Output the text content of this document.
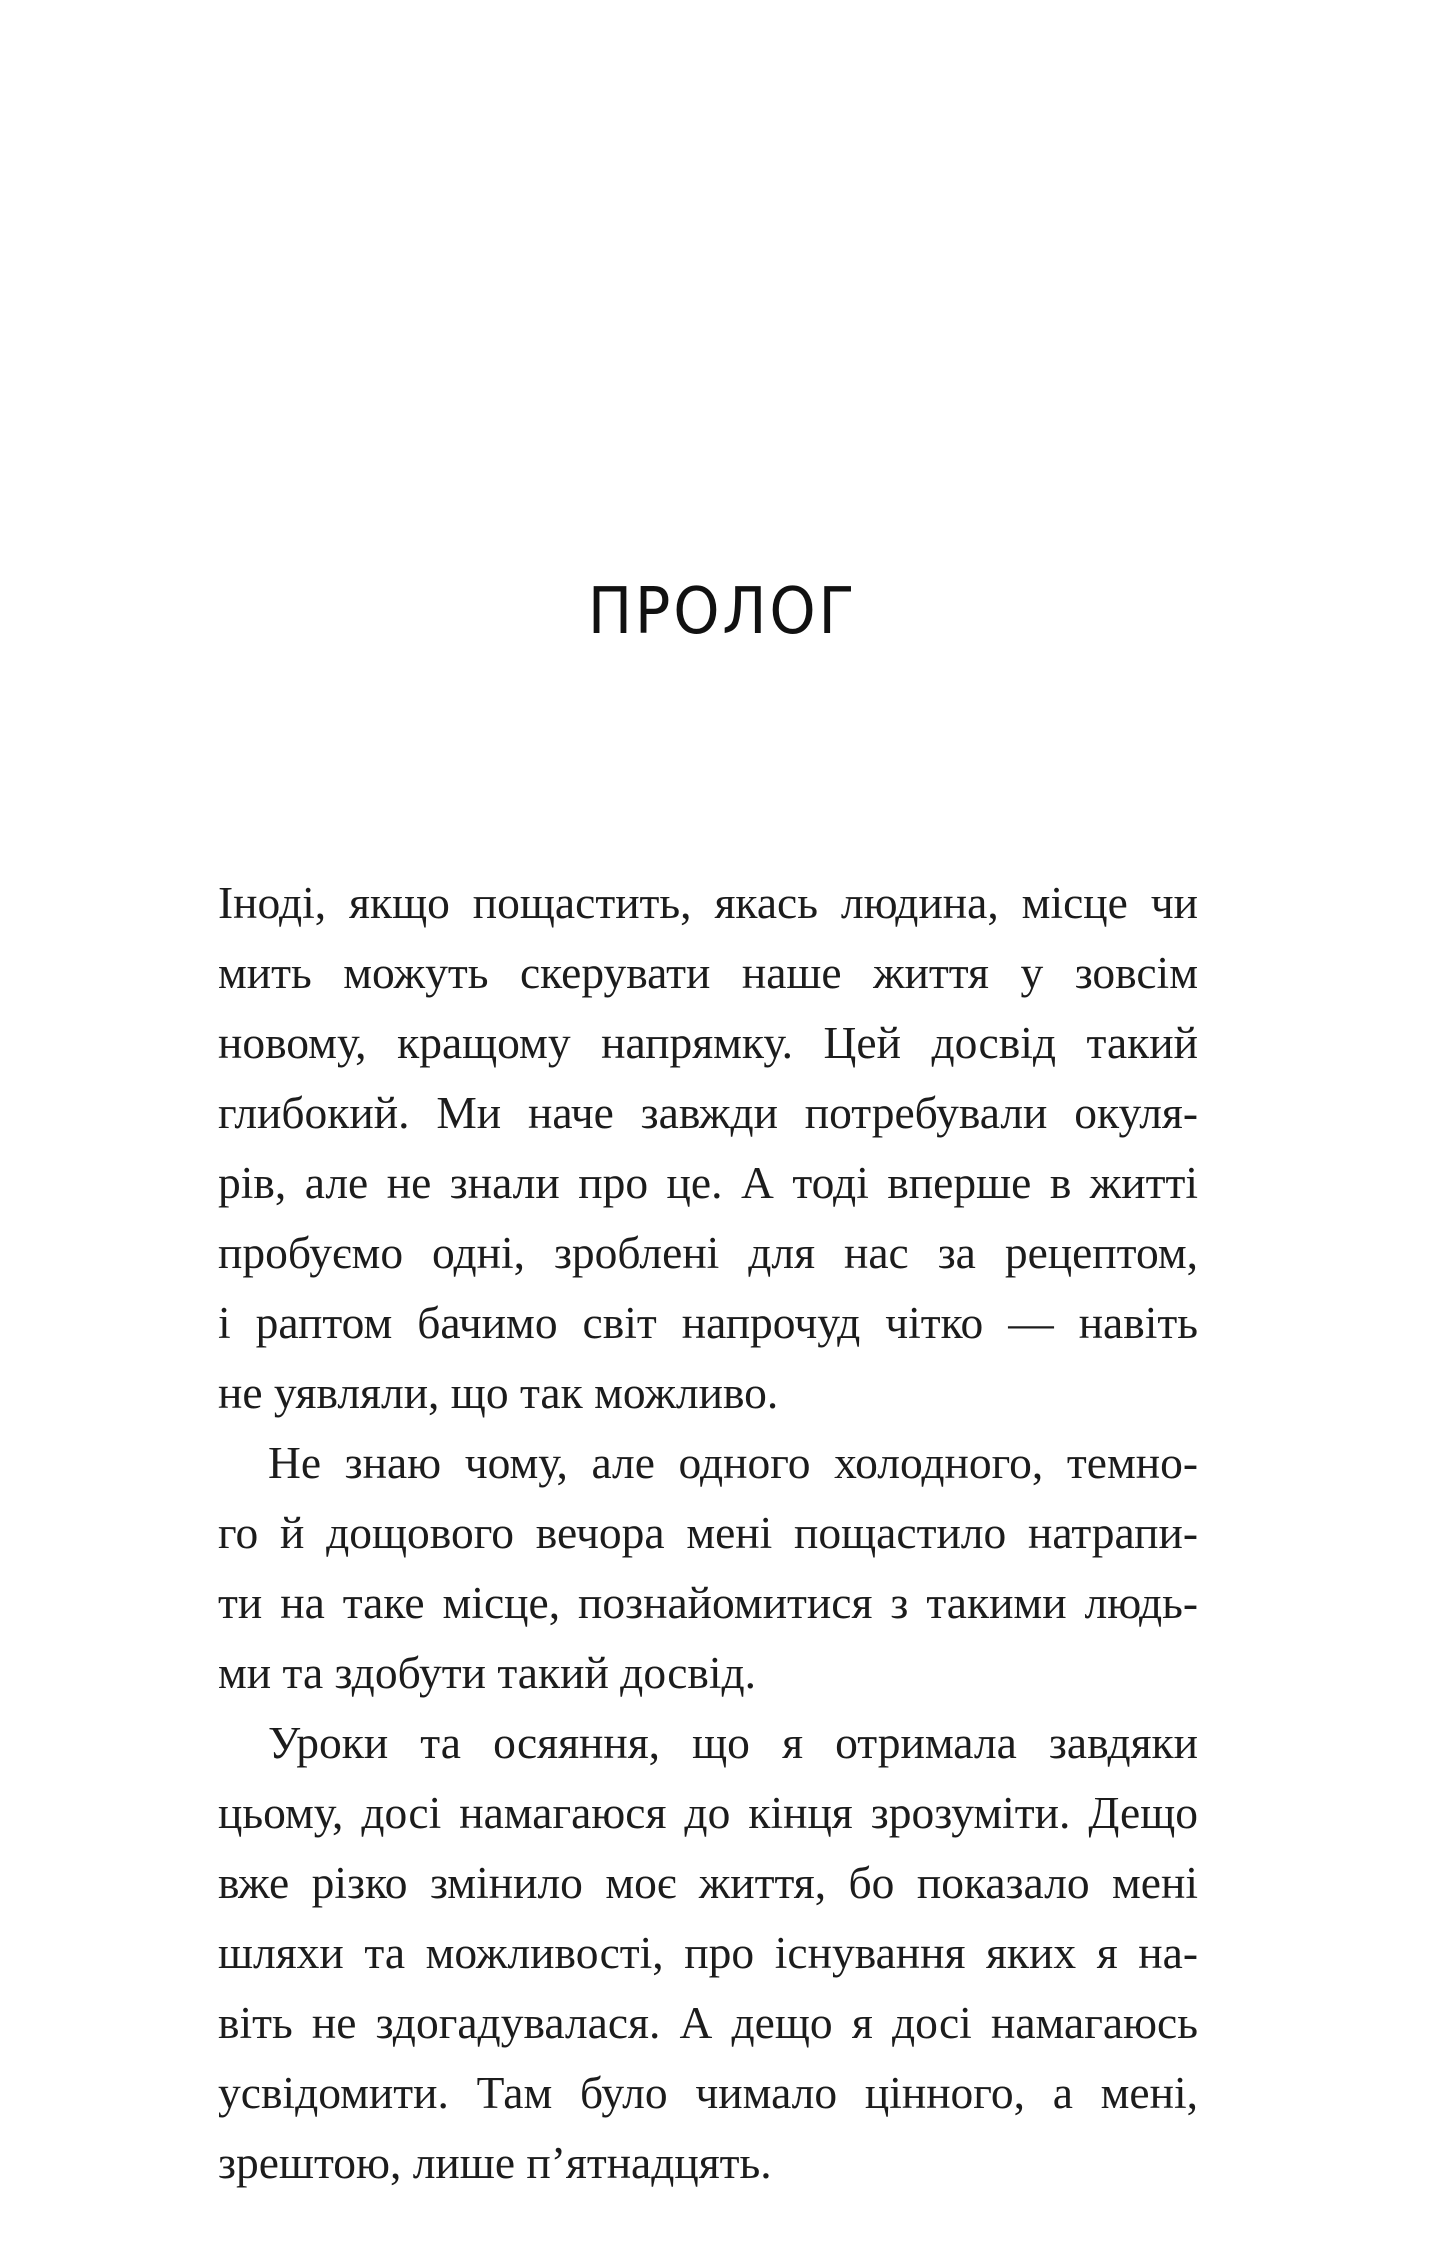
ПРОЛОГ

Іноді, якщо пощастить, якась людина, місце чи
мить можуть скерувати наше життя у зовсім
новому, кращому напрямку. Цей досвід такий
глибокий. Ми наче завжди потребували окуля-
рів, але не знали про це. А тоді вперше в житті
пробуємо одні, зроблені для нас за рецептом,
і раптом бачимо світ напрочуд чітко — навіть
не уявляли, що так можливо.

Не знаю чому, але одного холодного, темно-
го й дощового вечора мені пощастило натрапи-
ти на таке місце, познайомитися з такими людь-
ми та здобути такий досвід.

Уроки та осяяння, що я отримала завдяки
цьому, досі намагаюся до кінця зрозуміти. Дещо
вже різко змінило моє життя, бо показало мені
шляхи та можливості, про існування яких я на-
віть не здогадувалася. А дещо я досі намагаюсь
усвідомити. Там було чимало цінного, а мені,
зрештою, лише п’ятнадцять.
